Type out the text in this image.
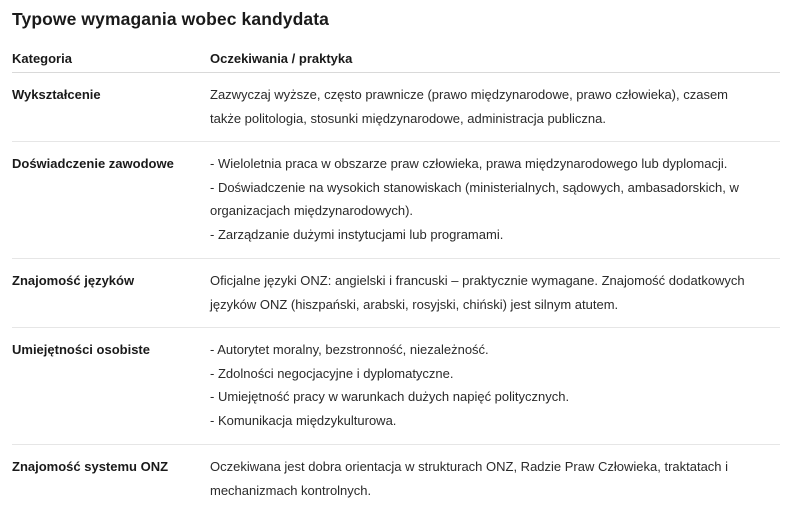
Typowe wymagania wobec kandydata
Kategoria	Oczekiwania / praktyka
Wykształcenie	Zazwyczaj wyższe, często prawnicze (prawo międzynarodowe, prawo człowieka), czasem
także politologia, stosunki międzynarodowe, administracja publiczna.
Doświadczenie zawodowe	- Wieloletnia praca w obszarze praw człowieka, prawa międzynarodowego lub dyplomacji.
- Doświadczenie na wysokich stanowiskach (ministerialnych, sądowych, ambasadorskich, w
organizacjach międzynarodowych).
- Zarządzanie dużymi instytucjami lub programami.
Znajomość języków	Oficjalne języki ONZ: angielski i francuski – praktycznie wymagane. Znajomość dodatkowych
języków ONZ (hiszpański, arabski, rosyjski, chiński) jest silnym atutem.
Umiejętności osobiste	- Autorytet moralny, bezstronność, niezależność.
- Zdolności negocjacyjne i dyplomatyczne.
- Umiejętność pracy w warunkach dużych napięć politycznych.
- Komunikacja międzykulturowa.
Znajomość systemu ONZ	Oczekiwana jest dobra orientacja w strukturach ONZ, Radzie Praw Człowieka, traktatach i
mechanizmach kontrolnych.
